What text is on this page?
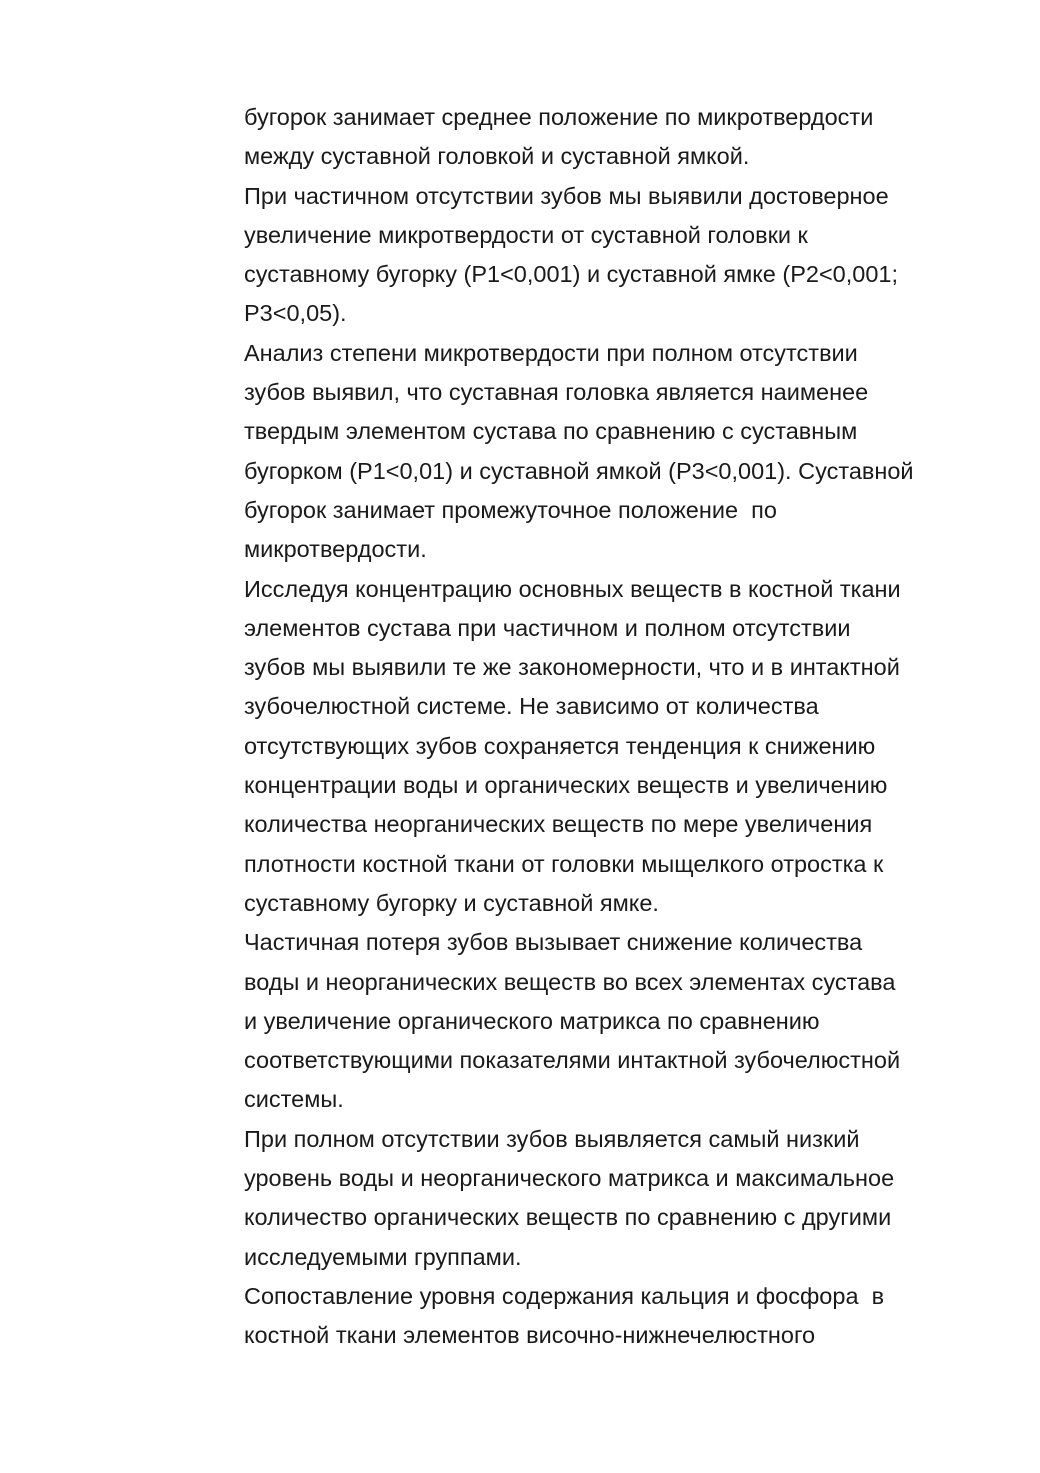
бугорок занимает среднее положение по микротвердости
между суставной головкой и суставной ямкой.
При частичном отсутствии зубов мы выявили достоверное
увеличение микротвердости от суставной головки к
суставному бугорку (Р1<0,001) и суставной ямке (Р2<0,001;
Р3<0,05).
Анализ степени микротвердости при полном отсутствии
зубов выявил, что суставная головка является наименее
твердым элементом сустава по сравнению с суставным
бугорком (Р1<0,01) и суставной ямкой (Р3<0,001). Суставной
бугорок занимает промежуточное положение  по
микротвердости.
Исследуя концентрацию основных веществ в костной ткани
элементов сустава при частичном и полном отсутствии
зубов мы выявили те же закономерности, что и в интактной
зубочелюстной системе. Не зависимо от количества
отсутствующих зубов сохраняется тенденция к снижению
концентрации воды и органических веществ и увеличению
количества неорганических веществ по мере увеличения
плотности костной ткани от головки мыщелкого отростка к
суставному бугорку и суставной ямке.
Частичная потеря зубов вызывает снижение количества
воды и неорганических веществ во всех элементах сустава
и увеличение органического матрикса по сравнению
соответствующими показателями интактной зубочелюстной
системы.
При полном отсутствии зубов выявляется самый низкий
уровень воды и неорганического матрикса и максимальное
количество органических веществ по сравнению с другими
исследуемыми группами.
Сопоставление уровня содержания кальция и фосфора  в
костной ткани элементов височно-нижнечелюстного
